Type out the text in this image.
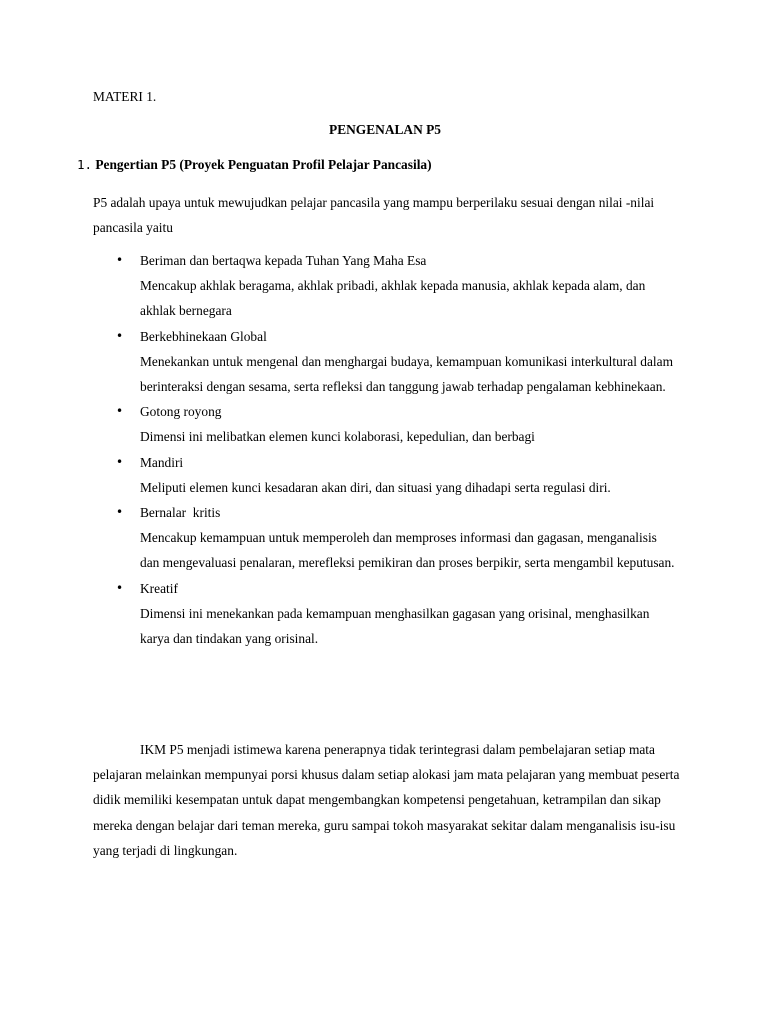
MATERI 1.
PENGENALAN P5
1. Pengertian P5 (Proyek Penguatan Profil Pelajar Pancasila)
P5 adalah upaya untuk mewujudkan pelajar pancasila yang mampu berperilaku sesuai dengan nilai -nilai pancasila yaitu
• Beriman dan bertaqwa kepada Tuhan Yang Maha Esa
Mencakup akhlak beragama, akhlak pribadi, akhlak kepada manusia, akhlak kepada alam, dan akhlak bernegara
• Berkebhinekaan Global
Menekankan untuk mengenal dan menghargai budaya, kemampuan komunikasi interkultural dalam berinteraksi dengan sesama, serta refleksi dan tanggung jawab terhadap pengalaman kebhinekaan.
• Gotong royong
Dimensi ini melibatkan elemen kunci kolaborasi, kepedulian, dan berbagi
• Mandiri
Meliputi elemen kunci kesadaran akan diri, dan situasi yang dihadapi serta regulasi diri.
• Bernalar  kritis
Mencakup kemampuan untuk memperoleh dan memproses informasi dan gagasan, menganalisis dan mengevaluasi penalaran, merefleksi pemikiran dan proses berpikir, serta mengambil keputusan.
• Kreatif
Dimensi ini menekankan pada kemampuan menghasilkan gagasan yang orisinal, menghasilkan karya dan tindakan yang orisinal.
IKM P5 menjadi istimewa karena penerapnya tidak terintegrasi dalam pembelajaran setiap mata pelajaran melainkan mempunyai porsi khusus dalam setiap alokasi jam mata pelajaran yang membuat peserta didik memiliki kesempatan untuk dapat mengembangkan kompetensi pengetahuan, ketrampilan dan sikap mereka dengan belajar dari teman mereka, guru sampai tokoh masyarakat sekitar dalam menganalisis isu-isu yang terjadi di lingkungan.
